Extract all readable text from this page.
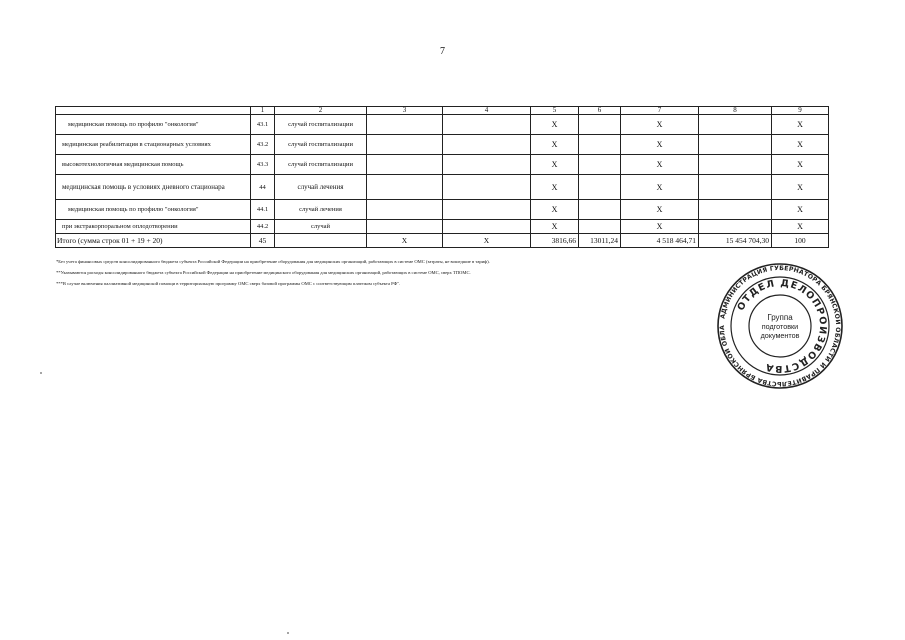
7
	1	2	3	4	5	6	7	8	9
медицинская помощь по профилю "онкология"	43.1	случай госпитализации			X		X		X
медицинская реабилитация в стационарных условиях	43.2	случай госпитализации			X		X		X
высокотехнологичная медицинская помощь	43.3	случай госпитализации			X		X		X
медицинская помощь в условиях дневного стационара	44	случай лечения			X		X		X
медицинская помощь по профилю "онкология"	44.1	случай лечения			X		X		X
при экстракорпоральном оплодотворении	44.2	случай			X		X		X
Итого (сумма строк 01 + 19 + 20)	45		X	X	3816,66	13011,24	4 518 464,71	15 454 704,30	100
*Без учета финансовых средств консолидированного бюджета субъекта Российской Федерации на приобретение оборудования для медицинских организаций, работающих в системе ОМС (затраты, не вошедшие в тариф).
**Указываются расходы консолидированного бюджета субъекта Российской Федерации на приобретение медицинского оборудования для медицинских организаций, работающих в системе ОМС, сверх ТПОМС.
***В случае включения паллиативной медицинской помощи в территориальную программу ОМС сверх базовой программы ОМС с соответствующим платежом субъекта РФ".
АДМИНИСТРАЦИЯ ГУБЕРНАТОРА БРЯНСКОЙ ОБЛАСТИ И ПРАВИТЕЛЬСТВА БРЯНСКОЙ ОБЛА
ОТДЕЛ ДЕЛОПРОИЗВОДСТВА
Группа
подготовки
документов
